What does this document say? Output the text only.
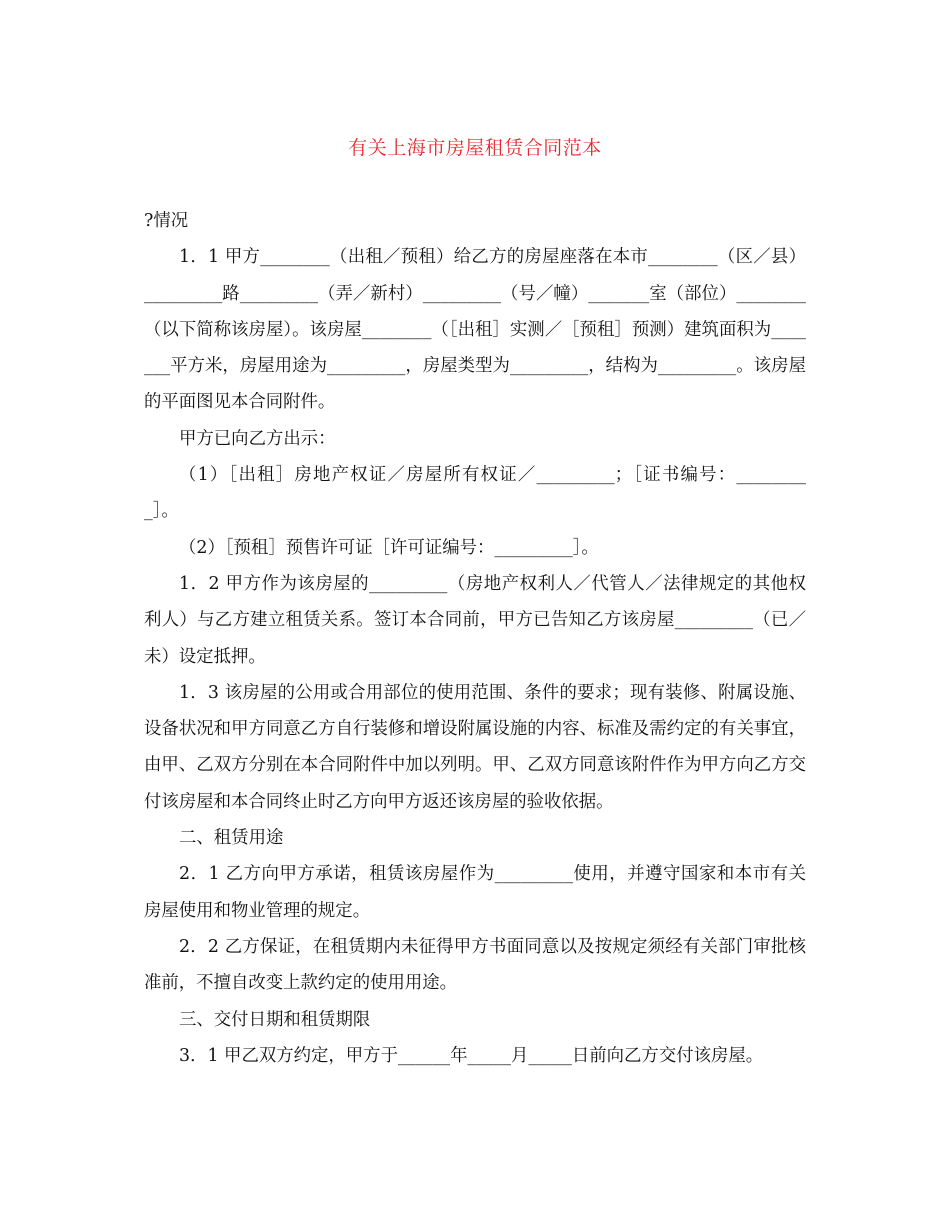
有关上海市房屋租赁合同范本

?情况

1．1 甲方________（出租／预租）给乙方的房屋座落在本市________（区／县）_________路_________（弄／新村）_________（号／幢）_______室（部位）________（以下简称该房屋）。该房屋________（［出租］实测／［预租］预测）建筑面积为_______平方米，房屋用途为_________，房屋类型为_________，结构为_________。该房屋的平面图见本合同附件。

甲方已向乙方出示：

（1）［出租］房地产权证／房屋所有权证／_________；［证书编号：_________］。

（2）［预租］预售许可证［许可证编号：_________］。

1．2 甲方作为该房屋的_________（房地产权利人／代管人／法律规定的其他权利人）与乙方建立租赁关系。签订本合同前，甲方已告知乙方该房屋_________（已／未）设定抵押。

1．3 该房屋的公用或合用部位的使用范围、条件的要求；现有装修、附属设施、设备状况和甲方同意乙方自行装修和增设附属设施的内容、标准及需约定的有关事宜，由甲、乙双方分别在本合同附件中加以列明。甲、乙双方同意该附件作为甲方向乙方交付该房屋和本合同终止时乙方向甲方返还该房屋的验收依据。

二、租赁用途

2．1 乙方向甲方承诺，租赁该房屋作为_________使用，并遵守国家和本市有关房屋使用和物业管理的规定。

2．2 乙方保证，在租赁期内未征得甲方书面同意以及按规定须经有关部门审批核准前，不擅自改变上款约定的使用用途。

三、交付日期和租赁期限

3．1 甲乙双方约定，甲方于______年_____月_____日前向乙方交付该房屋。
